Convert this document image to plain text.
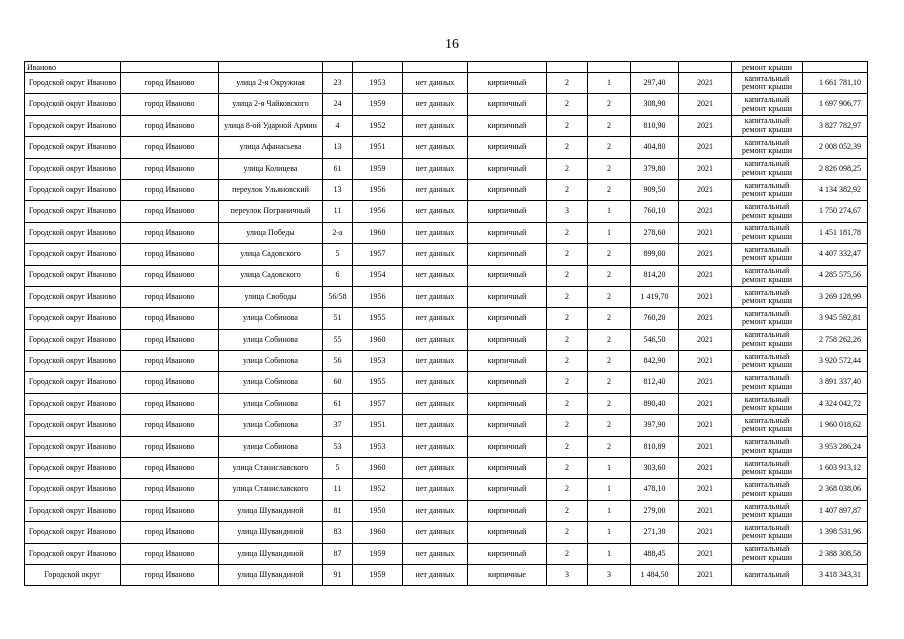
16
Иваново											ремонт крыши	
Городской округ Иваново	город Иваново	улица 2-я Окружная	23	1953	нет данных	кирпичный	2	1	297,40	2021	капитальный ремонт крыши	1 661 781,10
Городской округ Иваново	город Иваново	улица 2-я Чайковского	24	1959	нет данных	кирпичный	2	2	308,90	2021	капитальный ремонт крыши	1 697 906,77
Городской округ Иваново	город Иваново	улица 8-ой Ударной Армии	4	1952	нет данных	кирпичный	2	2	810,90	2021	капитальный ремонт крыши	3 827 782,97
Городской округ Иваново	город Иваново	улица Афанасьева	13	1951	нет данных	кирпичный	2	2	404,80	2021	капитальный ремонт крыши	2 008 052,39
Городской округ Иваново	город Иваново	улица Колицева	61	1959	нет данных	кирпичный	2	2	379,80	2021	капитальный ремонт крыши	2 826 098,25
Городской округ Иваново	город Иваново	переулок Ульяновский	13	1956	нет данных	кирпичный	2	2	909,50	2021	капитальный ремонт крыши	4 134 382,92
Городской округ Иваново	город Иваново	переулок Пограничный	11	1956	нет данных	кирпичный	3	1	760,10	2021	капитальный ремонт крыши	1 750 274,67
Городской округ Иваново	город Иваново	улица Победы	2-а	1960	нет данных	кирпичный	2	1	278,60	2021	капитальный ремонт крыши	1 451 181,78
Городской округ Иваново	город Иваново	улица Садовского	5	1957	нет данных	кирпичный	2	2	899,00	2021	капитальный ремонт крыши	4 407 332,47
Городской округ Иваново	город Иваново	улица Садовского	6	1954	нет данных	кирпичный	2	2	814,20	2021	капитальный ремонт крыши	4 285 575,56
Городской округ Иваново	город Иваново	улица Свободы	56/58	1956	нет данных	кирпичный	2	2	1 419,70	2021	капитальный ремонт крыши	3 269 128,99
Городской округ Иваново	город Иваново	улица Собинова	51	1955	нет данных	кирпичный	2	2	760,20	2021	капитальный ремонт крыши	3 945 592,81
Городской округ Иваново	город Иваново	улица Собинова	55	1960	нет данных	кирпичный	2	2	546,50	2021	капитальный ремонт крыши	2 758 262,26
Городской округ Иваново	город Иваново	улица Собинова	56	1953	нет данных	кирпичный	2	2	842,90	2021	капитальный ремонт крыши	3 920 572,44
Городской округ Иваново	город Иваново	улица Собинова	60	1955	нет данных	кирпичный	2	2	812,40	2021	капитальный ремонт крыши	3 891 337,40
Городской округ Иваново	город Иваново	улица Собинова	61	1957	нет данных	кирпичный	2	2	890,40	2021	капитальный ремонт крыши	4 324 042,72
Городской округ Иваново	город Иваново	улица Собинова	37	1951	нет данных	кирпичный	2	2	397,90	2021	капитальный ремонт крыши	1 960 018,62
Городской округ Иваново	город Иваново	улица Собинова	53	1953	нет данных	кирпичный	2	2	810,89	2021	капитальный ремонт крыши	3 953 286,24
Городской округ Иваново	город Иваново	улица Станиславского	5	1960	нет данных	кирпичный	2	1	303,60	2021	капитальный ремонт крыши	1 603 913,12
Городской округ Иваново	город Иваново	улица Станиславского	11	1952	нет данных	кирпичный	2	1	478,10	2021	капитальный ремонт крыши	2 368 038,06
Городской округ Иваново	город Иваново	улица Шувандиной	81	1950	нет данных	кирпичный	2	1	279,00	2021	капитальный ремонт крыши	1 407 897,87
Городской округ Иваново	город Иваново	улица Шувандиной	83	1960	нет данных	кирпичный	2	1	271,30	2021	капитальный ремонт крыши	1 398 531,96
Городской округ Иваново	город Иваново	улица Шувандиной	87	1959	нет данных	кирпичный	2	1	488,45	2021	капитальный ремонт крыши	2 388 308,58
Городской округ	город Иваново	улица Шувандиной	91	1959	нет данных	кирпичные	3	3	1 484,50	2021	капитальный	3 418 343,31
